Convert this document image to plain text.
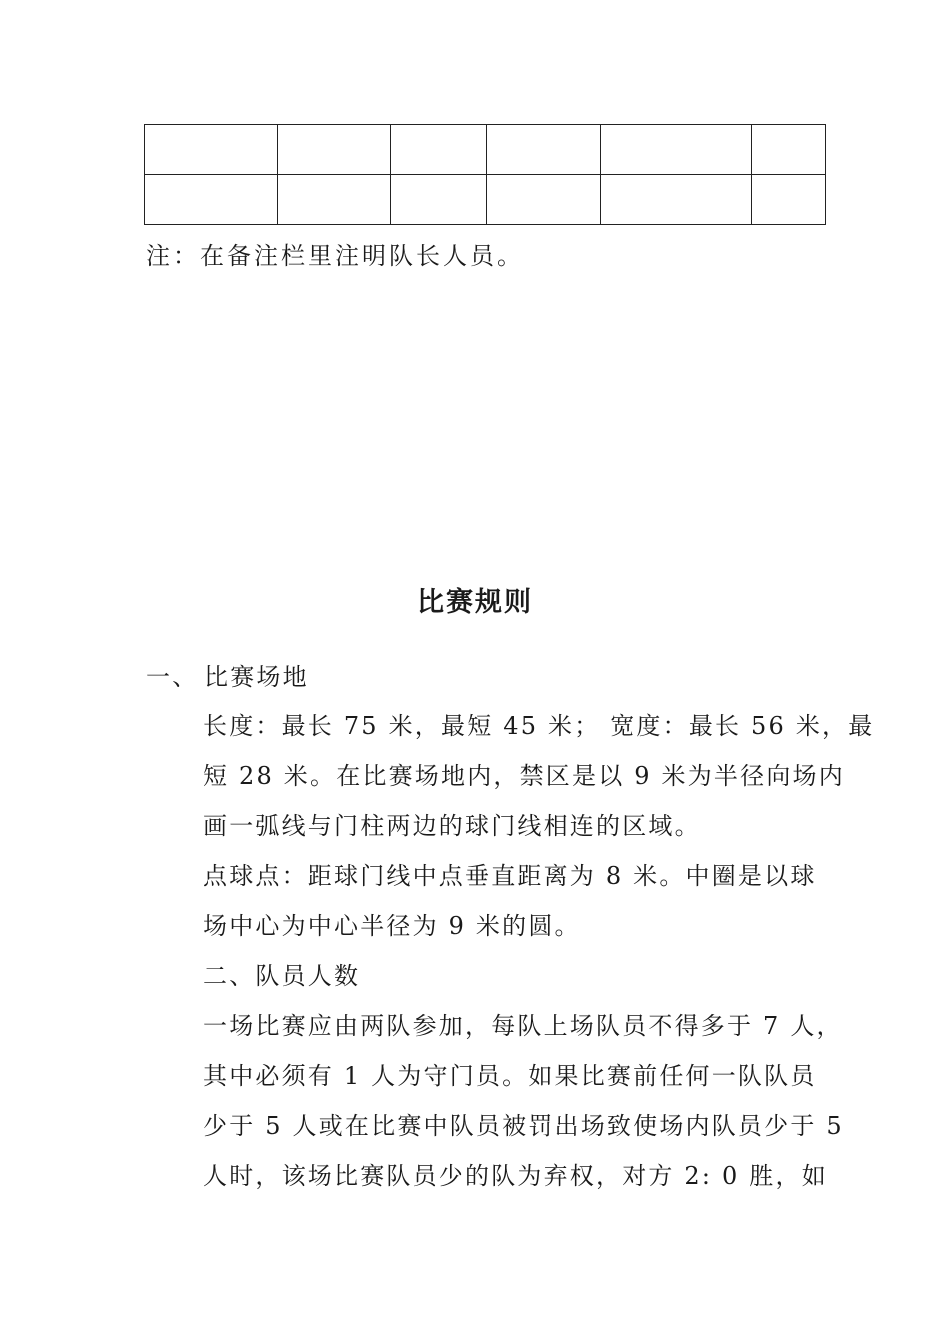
注：在备注栏里注明队长人员。
比赛规则
一、 比赛场地
长度：最长 75 米，最短 45 米； 宽度：最长 56 米，最
短 28 米。在比赛场地内，禁区是以 9 米为半径向场内
画一弧线与门柱两边的球门线相连的区域。
点球点：距球门线中点垂直距离为 8 米。中圈是以球
场中心为中心半径为 9 米的圆。
二、队员人数
一场比赛应由两队参加，每队上场队员不得多于 7 人，
其中必须有 1 人为守门员。如果比赛前任何一队队员
少于 5 人或在比赛中队员被罚出场致使场内队员少于 5
人时，该场比赛队员少的队为弃权，对方 2: 0 胜，如
